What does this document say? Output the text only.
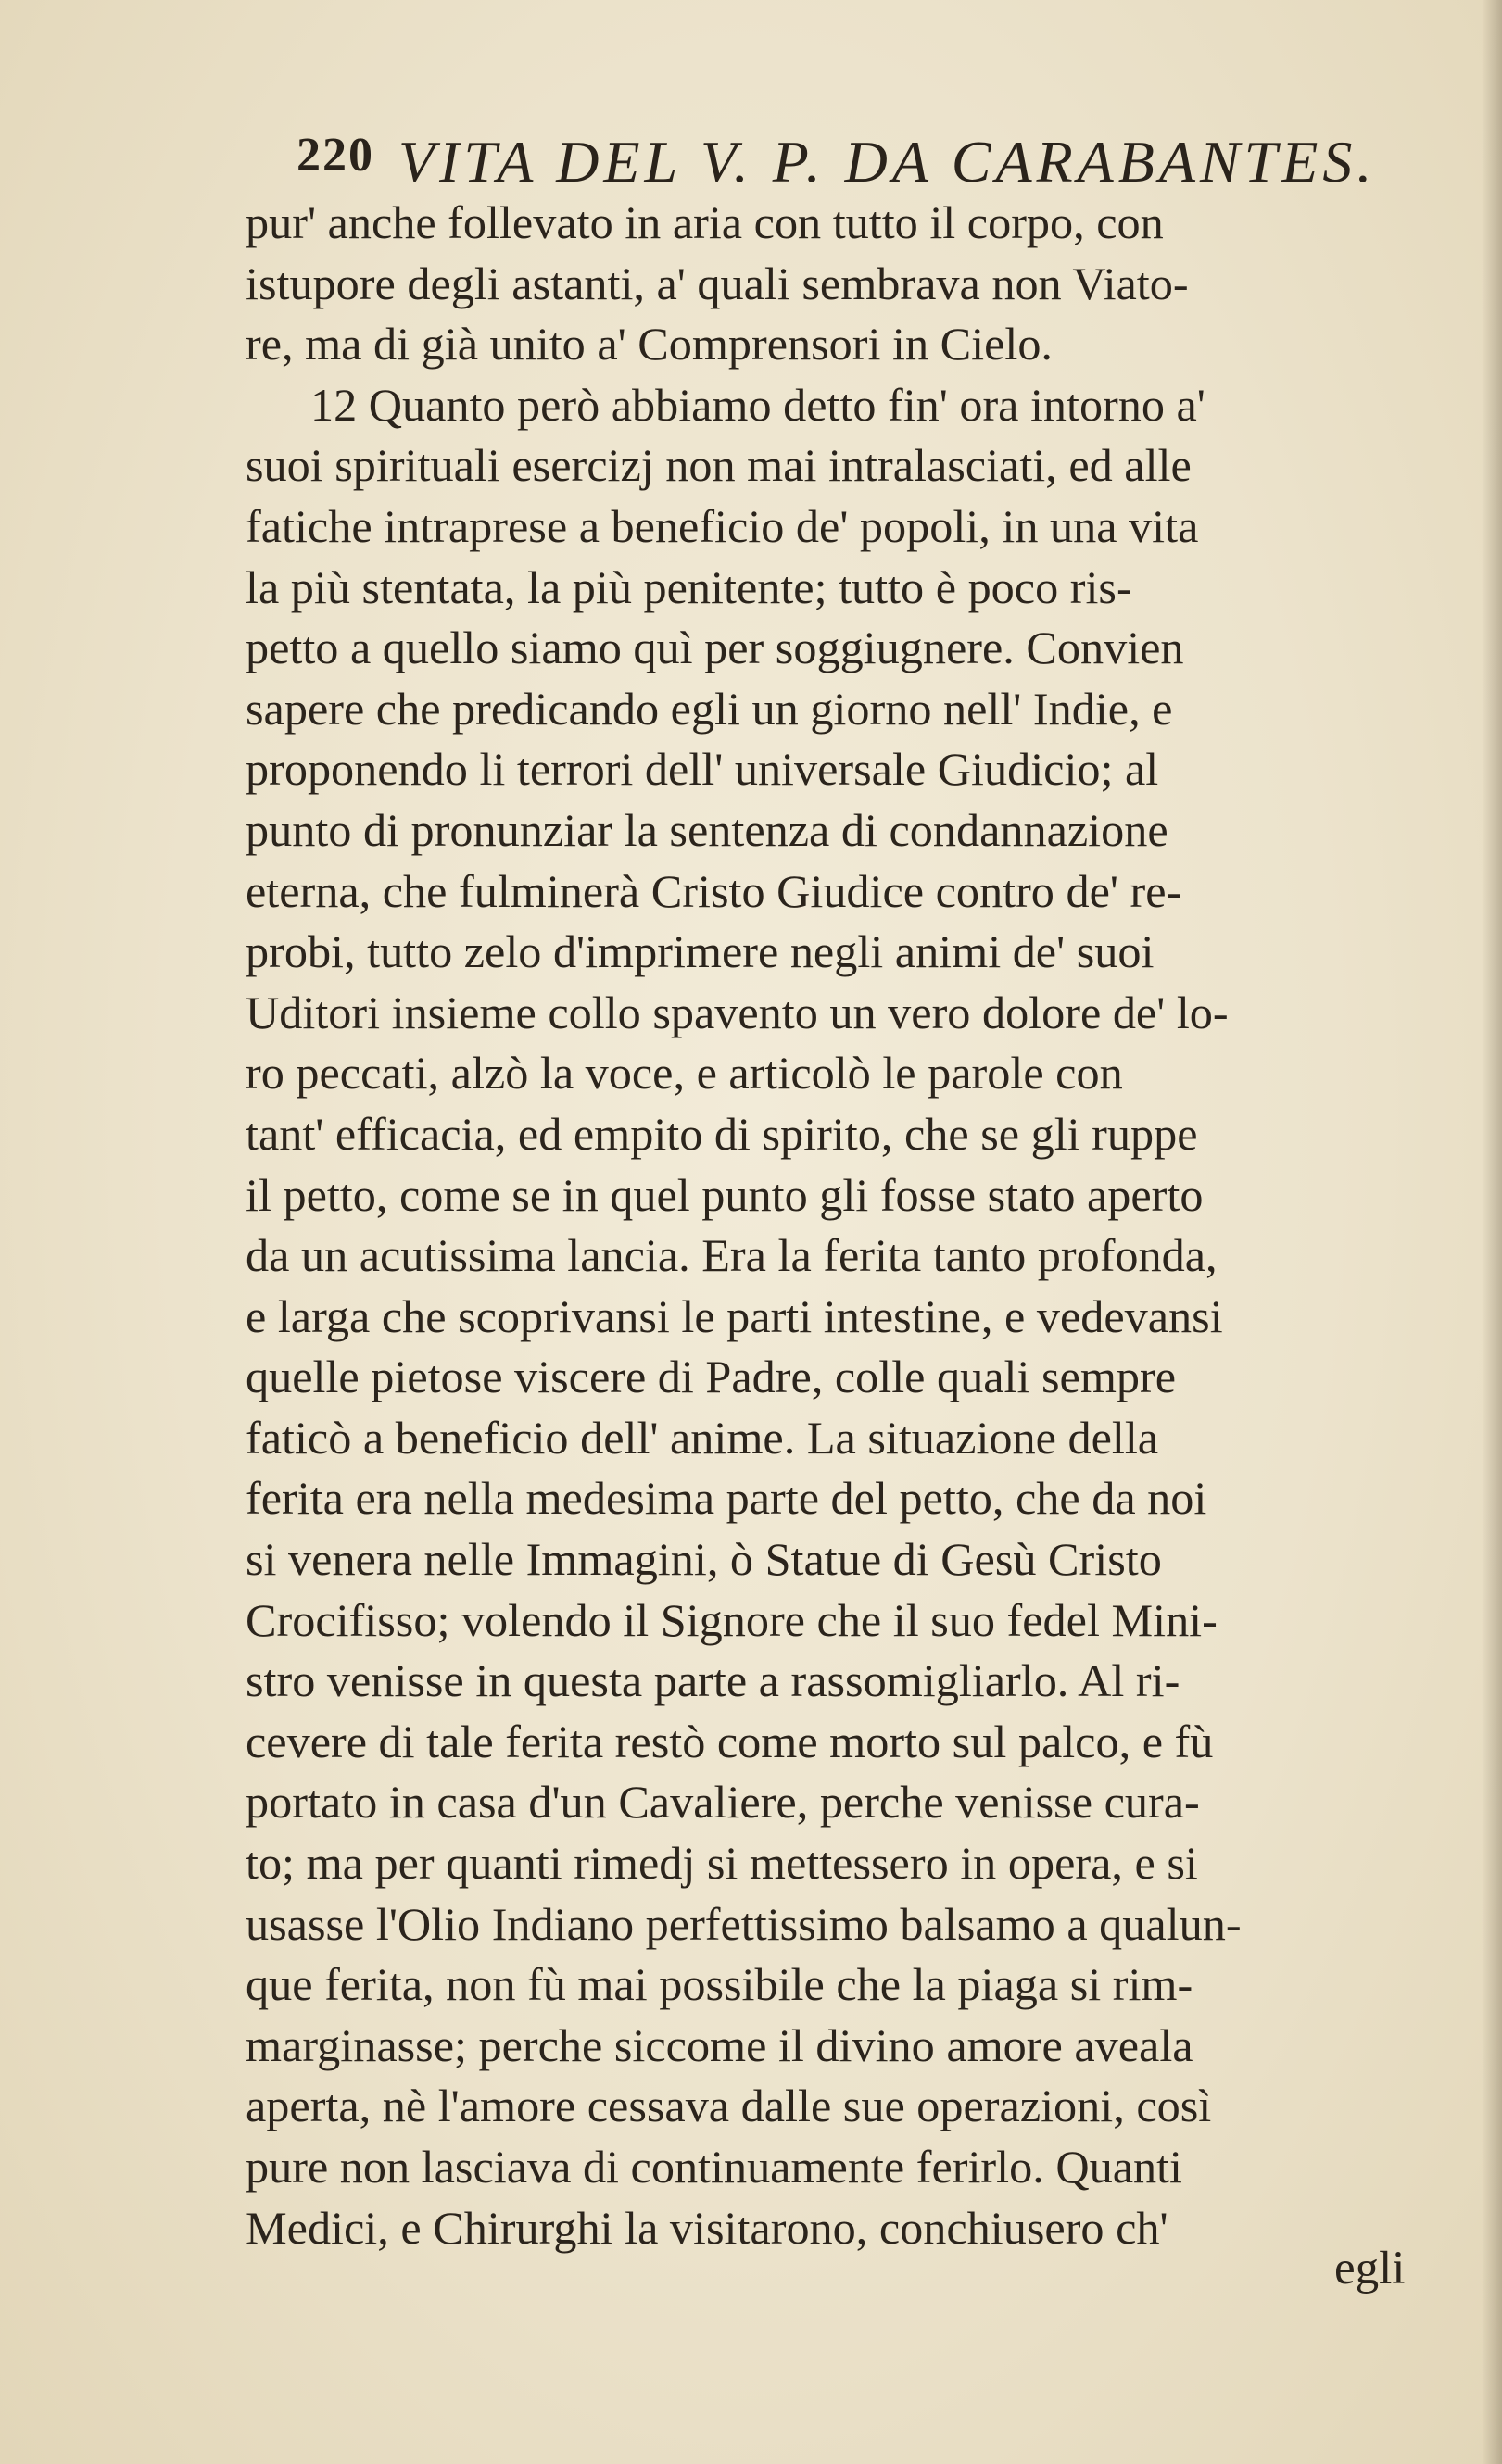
220 VITA DEL V. P. DA CARABANTES.
pur' anche follevato in aria con tutto il corpo, con
istupore degli astanti, a' quali sembrava non Viato-
re, ma di già unito a' Comprensori in Cielo.
12 Quanto però abbiamo detto fin' ora intorno a'
suoi spirituali esercizj non mai intralasciati, ed alle
fatiche intraprese a beneficio de' popoli, in una vita
la più stentata, la più penitente; tutto è poco ris-
petto a quello siamo quì per soggiugnere. Convien
sapere che predicando egli un giorno nell' Indie, e
proponendo li terrori dell' universale Giudicio; al
punto di pronunziar la sentenza di condannazione
eterna, che fulminerà Cristo Giudice contro de' re-
probi, tutto zelo d'imprimere negli animi de' suoi
Uditori insieme collo spavento un vero dolore de' lo-
ro peccati, alzò la voce, e articolò le parole con
tant' efficacia, ed empito di spirito, che se gli ruppe
il petto, come se in quel punto gli fosse stato aperto
da un acutissima lancia. Era la ferita tanto profonda,
e larga che scoprivansi le parti intestine, e vedevansi
quelle pietose viscere di Padre, colle quali sempre
faticò a beneficio dell' anime. La situazione della
ferita era nella medesima parte del petto, che da noi
si venera nelle Immagini, ò Statue di Gesù Cristo
Crocifisso; volendo il Signore che il suo fedel Mini-
stro venisse in questa parte a rassomigliarlo. Al ri-
cevere di tale ferita restò come morto sul palco, e fù
portato in casa d'un Cavaliere, perche venisse cura-
to; ma per quanti rimedj si mettessero in opera, e si
usasse l'Olio Indiano perfettissimo balsamo a qualun-
que ferita, non fù mai possibile che la piaga si rim-
marginasse; perche siccome il divino amore aveala
aperta, nè l'amore cessava dalle sue operazioni, così
pure non lasciava di continuamente ferirlo. Quanti
Medici, e Chirurghi la visitarono, conchiusero ch'
egli
